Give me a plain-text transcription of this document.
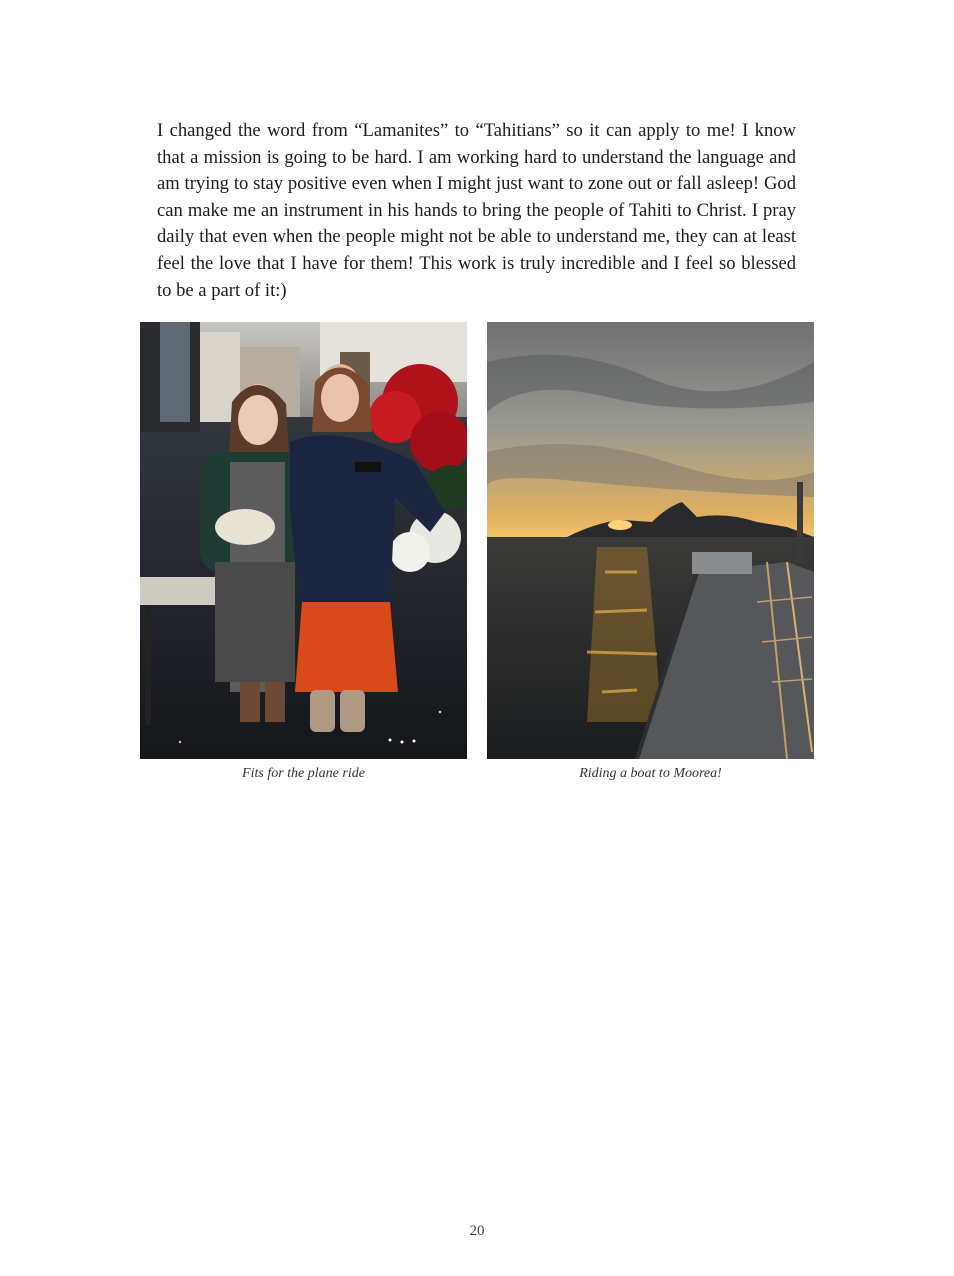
I changed the word from “Lamanites” to “Tahitians” so it can apply to me! I know that a mission is going to be hard. I am working hard to understand the language and am trying to stay positive even when I might just want to zone out or fall asleep! God can make me an instrument in his hands to bring the people of Tahiti to Christ. I pray daily that even when the people might not be able to understand me, they can at least feel the love that I have for them! This work is truly incredible and I feel so blessed to be a part of it:)

Fits for the plane ride	Riding a boat to Moorea!
20
